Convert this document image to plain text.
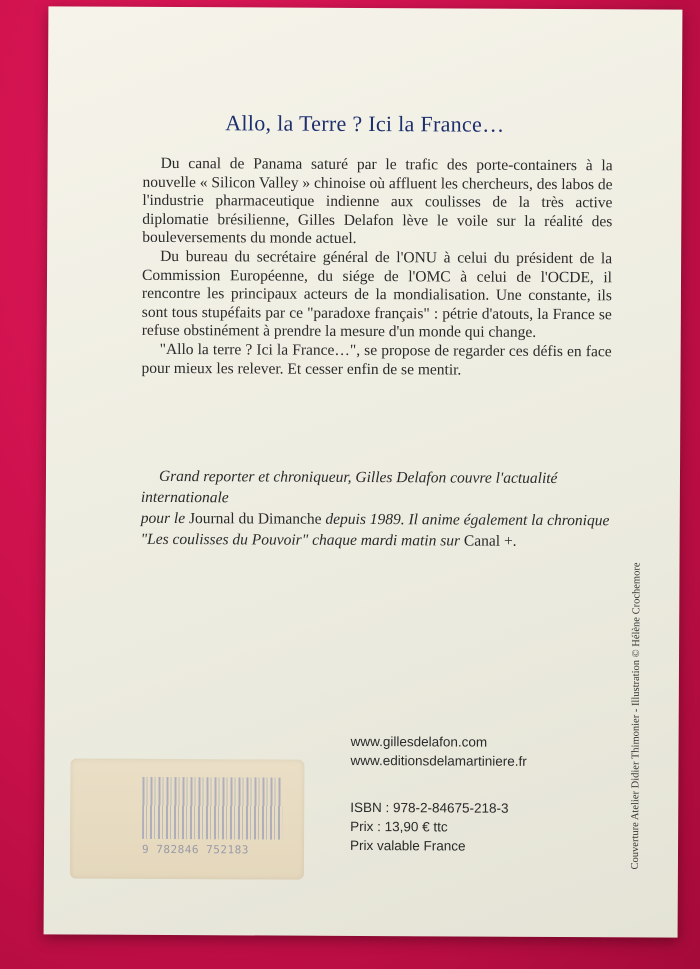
Allo, la Terre ? Ici la France…

Du canal de Panama saturé par le trafic des porte-containers à la nouvelle « Silicon Valley » chinoise où affluent les chercheurs, des labos de l'industrie pharmaceutique indienne aux coulisses de la très active diplomatie brésilienne, Gilles Delafon lève le voile sur la réalité des bouleversements du monde actuel.

Du bureau du secrétaire général de l'ONU à celui du président de la Commission Européenne, du siége de l'OMC à celui de l'OCDE, il rencontre les principaux acteurs de la mondialisation. Une constante, ils sont tous stupéfaits par ce "paradoxe français" : pétrie d'atouts, la France se refuse obstinément à prendre la mesure d'un monde qui change.

"Allo la terre ? Ici la France…", se propose de regarder ces défis en face pour mieux les relever. Et cesser enfin de se mentir.

Grand reporter et chroniqueur, Gilles Delafon couvre l'actualité internationale

pour le Journal du Dimanche depuis 1989. Il anime également la chronique

"Les coulisses du Pouvoir" chaque mardi matin sur Canal +.

Couverture Atelier Didier Thimonier - Illustration © Hélène Crochemore
9 782846 752183
www.gillesdelafon.com
www.editionsdelamartiniere.fr
ISBN : 978-2-84675-218-3
Prix : 13,90 € ttc
Prix valable France
